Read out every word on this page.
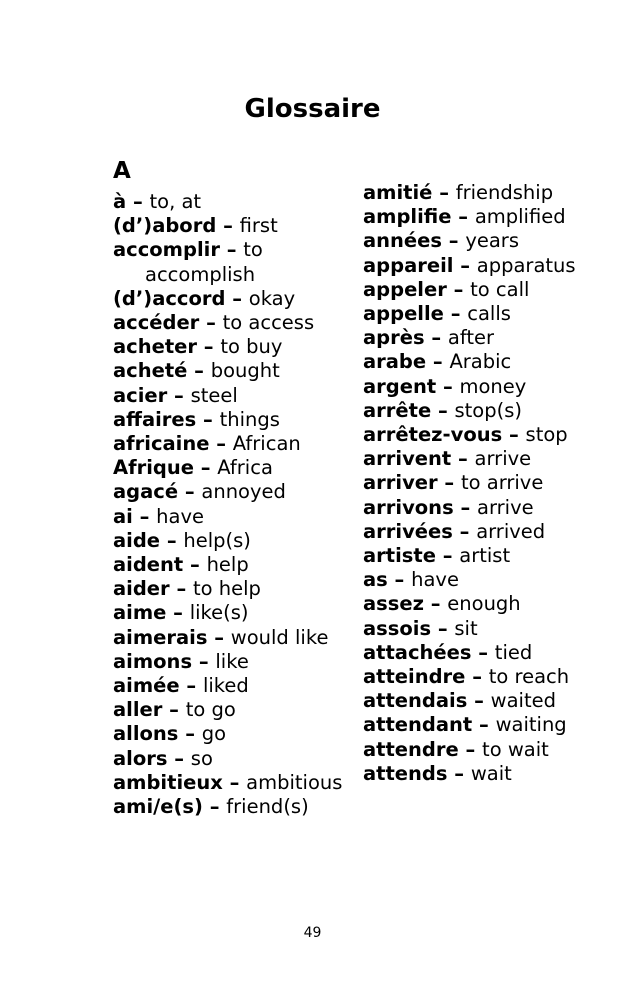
Glossaire
A
à – to, at
(d’)abord – first
accomplir – to accomplish
(d’)accord – okay
accéder – to access
acheter – to buy
acheté – bought
acier – steel
affaires – things
africaine – African
Afrique – Africa
agacé – annoyed
ai – have
aide – help(s)
aident – help
aider – to help
aime – like(s)
aimerais – would like
aimons – like
aimée – liked
aller – to go
allons – go
alors – so
ambitieux – ambitious
ami/e(s) – friend(s)
amitié – friendship
amplifie – amplified
années – years
appareil – apparatus
appeler – to call
appelle – calls
après – after
arabe – Arabic
argent – money
arrête – stop(s)
arrêtez-vous – stop
arrivent – arrive
arriver – to arrive
arrivons – arrive
arrivées – arrived
artiste – artist
as – have
assez – enough
assois – sit
attachées – tied
atteindre – to reach
attendais – waited
attendant – waiting
attendre – to wait
attends – wait
49
